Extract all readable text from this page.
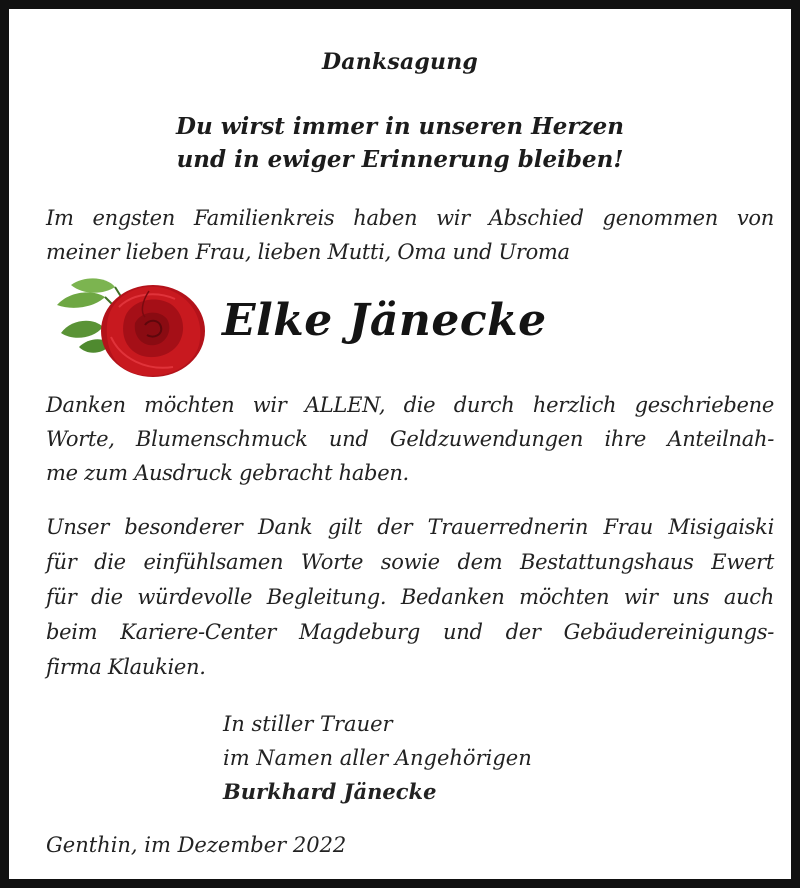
Danksagung
Du wirst immer in unseren Herzen
und in ewiger Erinnerung bleiben!
Im engsten Familienkreis haben wir Abschied genommen von
meiner lieben Frau, lieben Mutti, Oma und Uroma
Elke Jänecke
Danken möchten wir ALLEN, die durch herzlich geschriebene
Worte, Blumenschmuck und Geldzuwendungen ihre Anteilnah-
me zum Ausdruck gebracht haben.
Unser besonderer Dank gilt der Trauerrednerin Frau Misigaiski
für die einfühlsamen Worte sowie dem Bestattungshaus Ewert
für die würdevolle Begleitung. Bedanken möchten wir uns auch
beim Kariere-Center Magdeburg und der Gebäudereinigungs-
firma Klaukien.
In stiller Trauer
im Namen aller Angehörigen
Burkhard Jänecke
Genthin, im Dezember 2022
